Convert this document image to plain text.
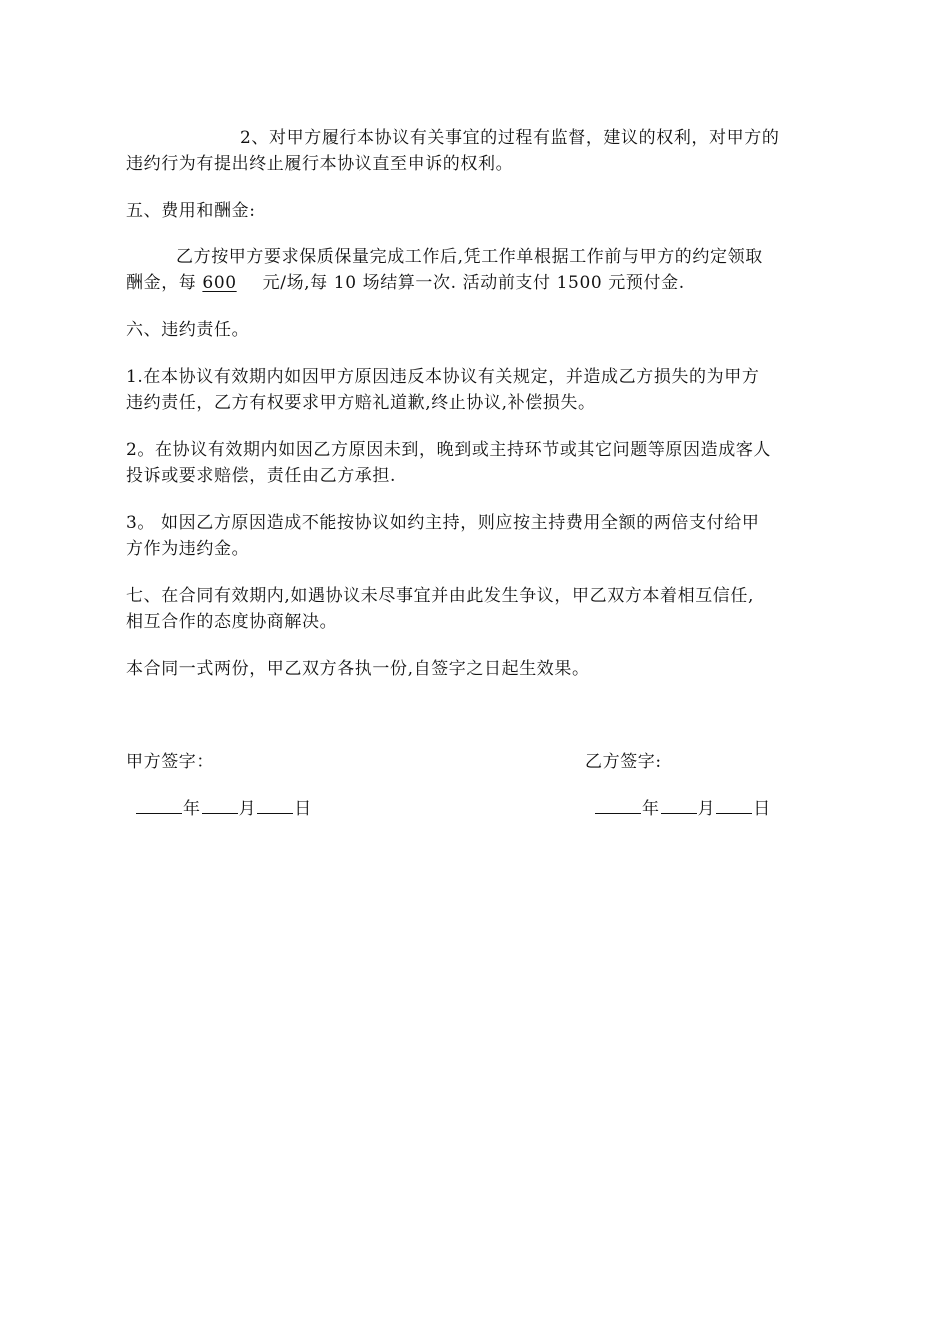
2、对甲方履行本协议有关事宜的过程有监督，建议的权利，对甲方的
违约行为有提出终止履行本协议直至申诉的权利。
五、费用和酬金:
乙方按甲方要求保质保量完成工作后,凭工作单根据工作前与甲方的约定领取
酬金，每 600 元/场,每 10 场结算一次. 活动前支付 1500 元预付金.
六、违约责任。
1.在本协议有效期内如因甲方原因违反本协议有关规定，并造成乙方损失的为甲方
违约责任，乙方有权要求甲方赔礼道歉,终止协议,补偿损失。
2。在协议有效期内如因乙方原因未到，晚到或主持环节或其它问题等原因造成客人
投诉或要求赔偿，责任由乙方承担.
3。 如因乙方原因造成不能按协议如约主持，则应按主持费用全额的两倍支付给甲
方作为违约金。
七、在合同有效期内,如遇协议未尽事宜并由此发生争议，甲乙双方本着相互信任,
相互合作的态度协商解决。
本合同一式两份，甲乙双方各执一份,自签字之日起生效果。
甲方签字：	乙方签字:
年 月 日	年 月 日
